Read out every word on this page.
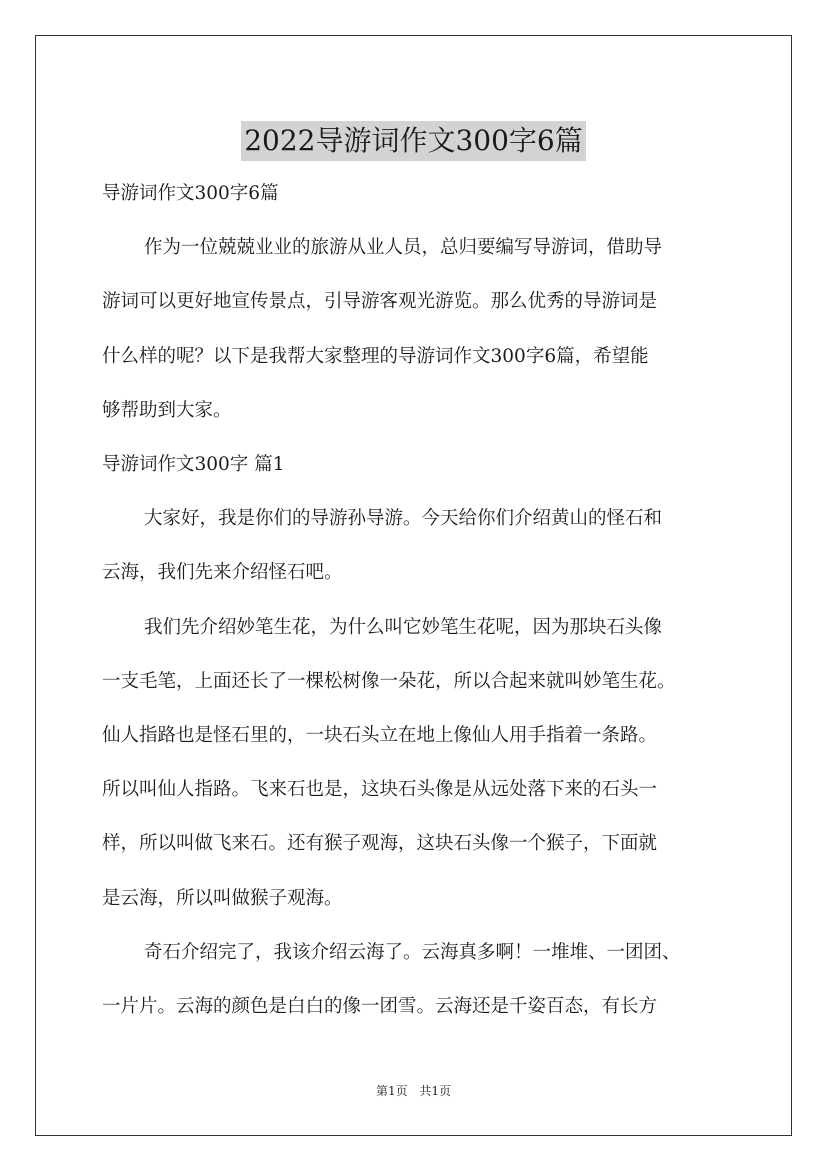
2022导游词作文300字6篇

导游词作文300字6篇

作为一位兢兢业业的旅游从业人员，总归要编写导游词，借助导

游词可以更好地宣传景点，引导游客观光游览。那么优秀的导游词是

什么样的呢？以下是我帮大家整理的导游词作文300字6篇，希望能

够帮助到大家。

导游词作文300字 篇1

大家好，我是你们的导游孙导游。今天给你们介绍黄山的怪石和

云海，我们先来介绍怪石吧。

我们先介绍妙笔生花，为什么叫它妙笔生花呢，因为那块石头像

一支毛笔，上面还长了一棵松树像一朵花，所以合起来就叫妙笔生花。

仙人指路也是怪石里的，一块石头立在地上像仙人用手指着一条路。

所以叫仙人指路。飞来石也是，这块石头像是从远处落下来的石头一

样，所以叫做飞来石。还有猴子观海，这块石头像一个猴子，下面就

是云海，所以叫做猴子观海。

奇石介绍完了，我该介绍云海了。云海真多啊！一堆堆、一团团、

一片片。云海的颜色是白白的像一团雪。云海还是千姿百态，有长方

第1页 共1页
